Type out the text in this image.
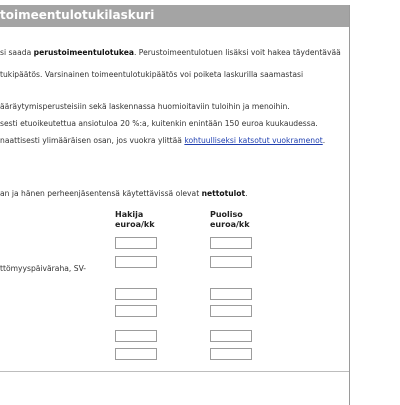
toimeentulotukilaskuri
si saada perustoimeentulotukea. Perustoimeentulotuen lisäksi voit hakea täydentävää
tukipäätös. Varsinainen toimeentulotukipäätös voi poiketa laskurilla saamastasi
ääräytymisperusteisiin sekä laskennassa huomioitaviin tuloihin ja menoihin.
sesti etuoikeutettua ansiotuloa 20 %:a, kuitenkin enintään 150 euroa kuukaudessa.
naattisesti ylimääräisen osan, jos vuokra ylittää kohtuulliseksi katsotut vuokramenot.
an ja hänen perheenjäsentensä käytettävissä olevat nettotulot.
Hakija
euroa/kk
Puoliso
euroa/kk
ttömyyspäiväraha, SV-
